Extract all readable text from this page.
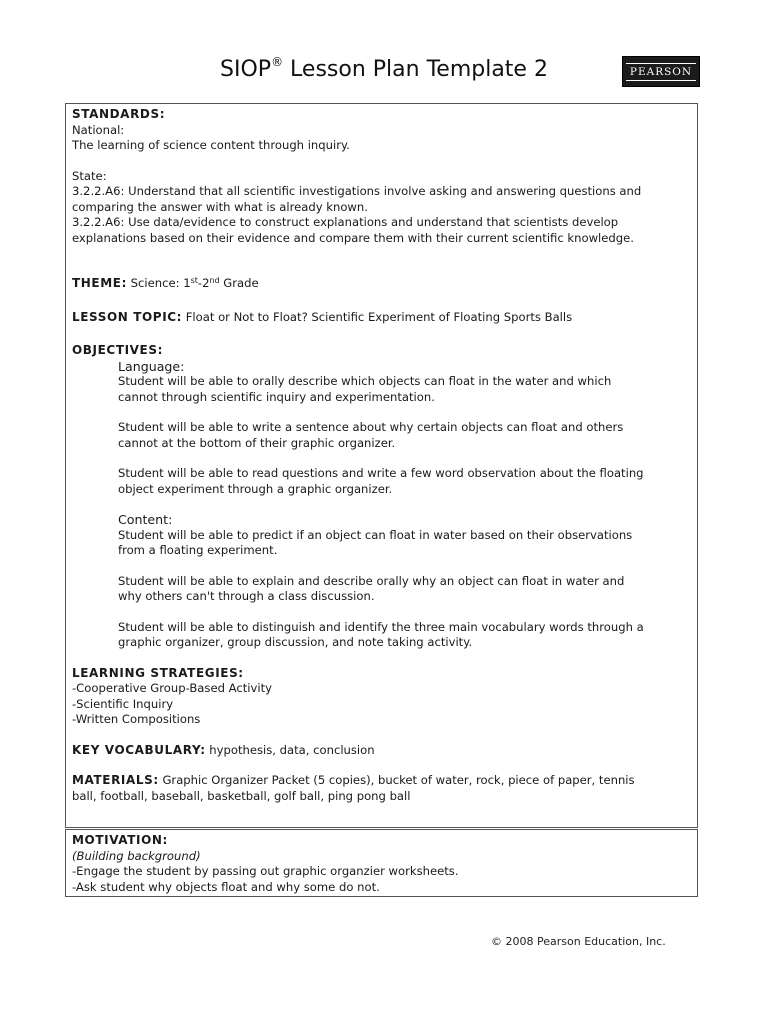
SIOP® Lesson Plan Template 2	PEARSON
STANDARDS:
National:
The learning of science content through inquiry.
State:
3.2.2.A6: Understand that all scientific investigations involve asking and answering questions and
comparing the answer with what is already known.
3.2.2.A6: Use data/evidence to construct explanations and understand that scientists develop
explanations based on their evidence and compare them with their current scientific knowledge.
THEME: Science: 1st-2nd Grade
LESSON TOPIC: Float or Not to Float? Scientific Experiment of Floating Sports Balls
OBJECTIVES:
Language:
Student will be able to orally describe which objects can float in the water and which
cannot through scientific inquiry and experimentation.
Student will be able to write a sentence about why certain objects can float and others
cannot at the bottom of their graphic organizer.
Student will be able to read questions and write a few word observation about the floating
object experiment through a graphic organizer.
Content:
Student will be able to predict if an object can float in water based on their observations
from a floating experiment.
Student will be able to explain and describe orally why an object can float in water and
why others can't through a class discussion.
Student will be able to distinguish and identify the three main vocabulary words through a
graphic organizer, group discussion, and note taking activity.
LEARNING STRATEGIES:
-Cooperative Group-Based Activity
-Scientific Inquiry
-Written Compositions
KEY VOCABULARY: hypothesis, data, conclusion
MATERIALS: Graphic Organizer Packet (5 copies), bucket of water, rock, piece of paper, tennis
ball, football, baseball, basketball, golf ball, ping pong ball
MOTIVATION:
(Building background)
-Engage the student by passing out graphic organzier worksheets.
-Ask student why objects float and why some do not.
© 2008 Pearson Education, Inc.
